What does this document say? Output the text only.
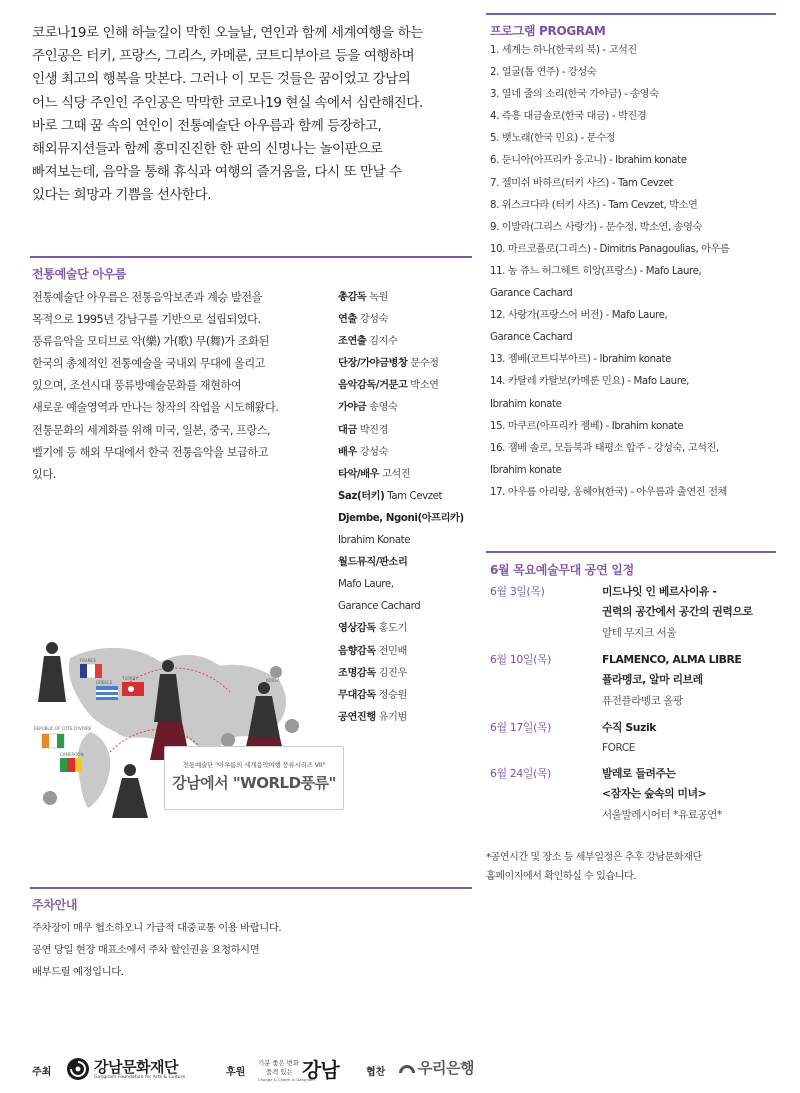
코로나19로 인해 하늘길이 막힌 오늘날, 연인과 함께 세계여행을 하는

주인공은 터키, 프랑스, 그리스, 카메룬, 코트디부아르 등을 여행하며

인생 최고의 행복을 맛본다. 그러나 이 모든 것들은 꿈이었고 강남의

어느 식당 주인인 주인공은 막막한 코로나19 현실 속에서 심란해진다.

바로 그때 꿈 속의 연인이 전통예술단 아우름과 함께 등장하고,

해외뮤지션들과 함께 흥미진진한 한 판의 신명나는 놀이판으로

빠져보는데, 음악을 통해 휴식과 여행의 즐거움을, 다시 또 만날 수

있다는 희망과 기쁨을 선사한다.

전통예술단 아우름

전통예술단 아우름은 전통음악보존과 계승 발전을

목적으로 1995년 강남구를 기반으로 설립되었다.

풍류음악을 모티브로 악(樂) 가(歌) 무(舞)가 조화된

한국의 총체적인 전통예술을 국내외 무대에 올리고

있으며, 조선시대 풍류방예술문화를 재현하여

새로운 예술영역과 만나는 창작의 작업을 시도해왔다.

전통문화의 세계화를 위해 미국, 일본, 중국, 프랑스,

벨기에 등 해외 무대에서 한국 전통음악을 보급하고

있다.

총감독 녹원
연출 강성숙
조연출 김지수
단장/가야금병창 문수정
음악감독/거문고 박소연
가야금 송영숙
대금 박진경
배우 강성숙
타악/배우 고석진
Saz(터키) Tam Cevzet
Djembe, Ngoni(아프리카)
Ibrahim Konate
월드뮤직/판소리
Mafo Laure,
Garance Cachard
영상감독 홍도기
음향감독 전민배
조명감독 김진우
무대감독 정승원
공연진행 유기범
FRANCE
GREECE
TURKEY
REPUBLIC OF COTE D'IVOIRE
CAMEROON
KOREA
전통예술단 "아우름의 세계음악여행 풍류시리즈 VII"
강남에서 "WORLD풍류"
프로그램 PROGRAM
1. 세계는 하나(한국의 북) - 고석진
2. 얼굴(톱 연주) - 강성숙
3. 열네 줄의 소리(한국 가야금) - 송영숙
4. 즉흥 대금솔로(한국 대금) - 박진경
5. 뱃노래(한국 민요) - 문수정
6. 둔니아(아프리카 응고니) - Ibrahim konate
7. 젤미쉬 바하르(터키 사즈) - Tam Cevzet
8. 위스크다라 (터키 사즈) - Tam Cevzet, 박소연
9. 이발라(그리스 사랑가) - 문수정, 박소연, 송영숙
10. 마르코폴로(그리스) - Dimitris Panagoulias, 아우름
11. 농 쥬느 허그헤트 히앙(프랑스) - Mafo Laure,
Garance Cachard
12. 사랑가(프랑스어 버전) - Mafo Laure,
Garance Cachard
13. 젬베(코트디부아르) - Ibrahim konate
14. 카탈레 카탈보(카메룬 민요) - Mafo Laure,
Ibrahim konate
15. 마쿠르(아프리카 젬베) - Ibrahim konate
16. 잼베 솔로, 모듬북과 태평소 합주 - 강성숙, 고석진,
Ibrahim konate
17. 아우름 아리랑, 옹헤야(한국) - 아우름과 출연진 전체
6월 목요예술무대 공연 일정
6월 3일(목)	미드나잇 인 베르사이유 -
권력의 공간에서 공간의 권력으로
알테 무지크 서울
6월 10일(목)	FLAMENCO, ALMA LIBRE
플라멩코, 알마 리브레
퓨전플라멩코 올팡
6월 17일(목)	수직 Suzik
FORCE
6월 24일(목)	발레로 들려주는
<잠자는 숲속의 미녀>
서울발레시어터 *유료공연*

*공연시간 및 장소 등 세부일정은 추후 강남문화재단

홈페이지에서 확인하실 수 있습니다.

주차안내

주차장이 매우 협소하오니 가급적 대중교통 이용 바랍니다.

공연 당일 현장 매표소에서 주차 할인권을 요청하시면

배부드릴 예정입니다.

주최	강남문화재단
Gangnam Foundation for Arts & Culture	후원
기분 좋은 변화
품격 있는 강남
Change & Charm in Gangnam
협찬 우리은행
